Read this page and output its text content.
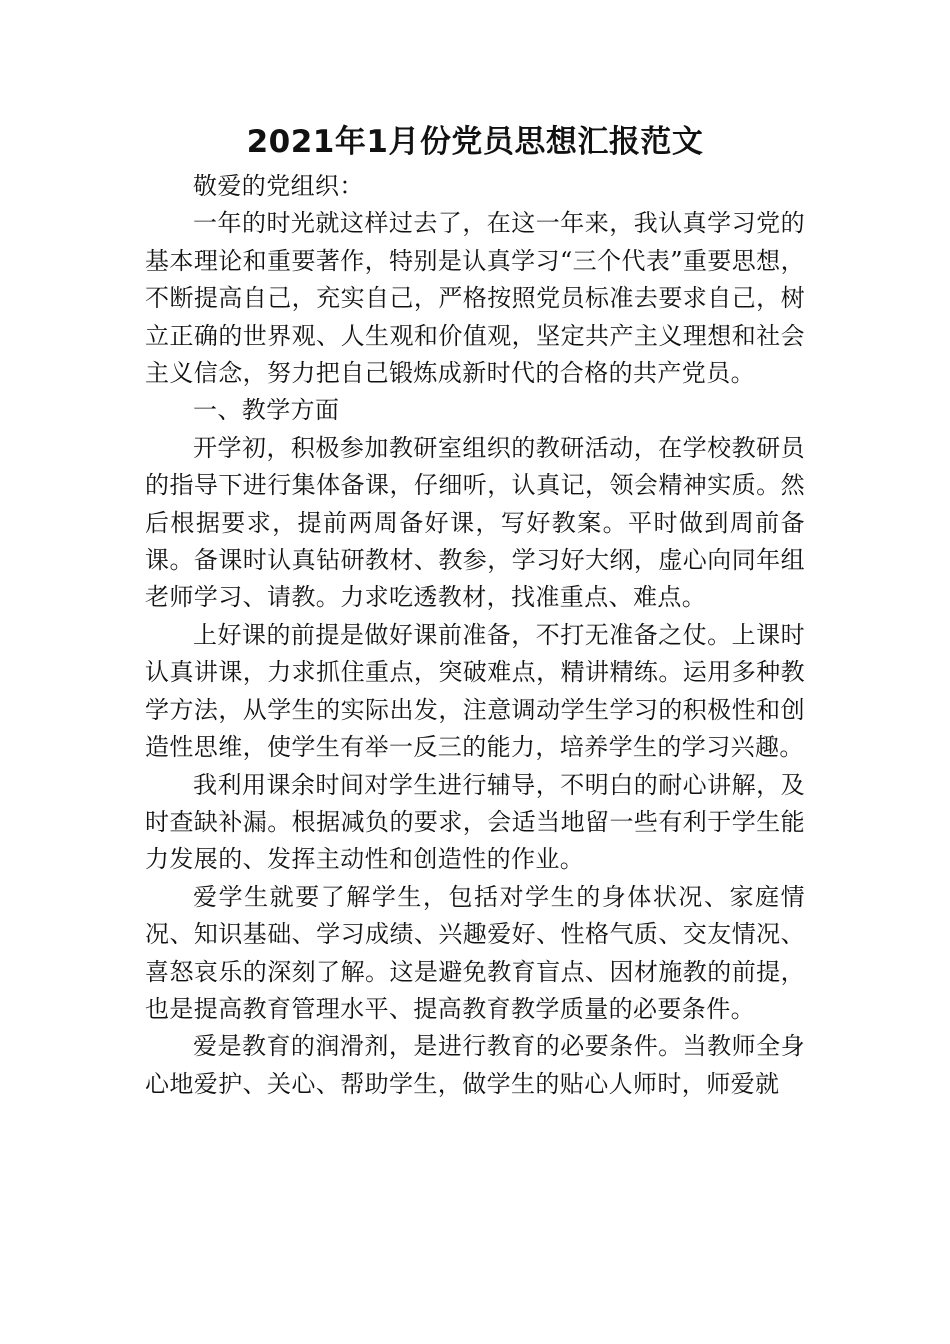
2021年1月份党员思想汇报范文

敬爱的党组织：

一年的时光就这样过去了，在这一年来，我认真学习党的基本理论和重要著作，特别是认真学习“三个代表”重要思想，不断提高自己，充实自己，严格按照党员标准去要求自己，树立正确的世界观、人生观和价值观，坚定共产主义理想和社会主义信念，努力把自己锻炼成新时代的合格的共产党员。

一、教学方面

开学初，积极参加教研室组织的教研活动，在学校教研员的指导下进行集体备课，仔细听，认真记，领会精神实质。然后根据要求，提前两周备好课，写好教案。平时做到周前备课。备课时认真钻研教材、教参，学习好大纲，虚心向同年组老师学习、请教。力求吃透教材，找准重点、难点。

上好课的前提是做好课前准备，不打无准备之仗。上课时认真讲课，力求抓住重点，突破难点，精讲精练。运用多种教学方法，从学生的实际出发，注意调动学生学习的积极性和创造性思维，使学生有举一反三的能力，培养学生的学习兴趣。

我利用课余时间对学生进行辅导，不明白的耐心讲解，及时查缺补漏。根据减负的要求，会适当地留一些有利于学生能力发展的、发挥主动性和创造性的作业。

爱学生就要了解学生，包括对学生的身体状况、家庭情况、知识基础、学习成绩、兴趣爱好、性格气质、交友情况、喜怒哀乐的深刻了解。这是避免教育盲点、因材施教的前提，也是提高教育管理水平、提高教育教学质量的必要条件。

爱是教育的润滑剂，是进行教育的必要条件。当教师全身心地爱护、关心、帮助学生，做学生的贴心人师时，师爱就
